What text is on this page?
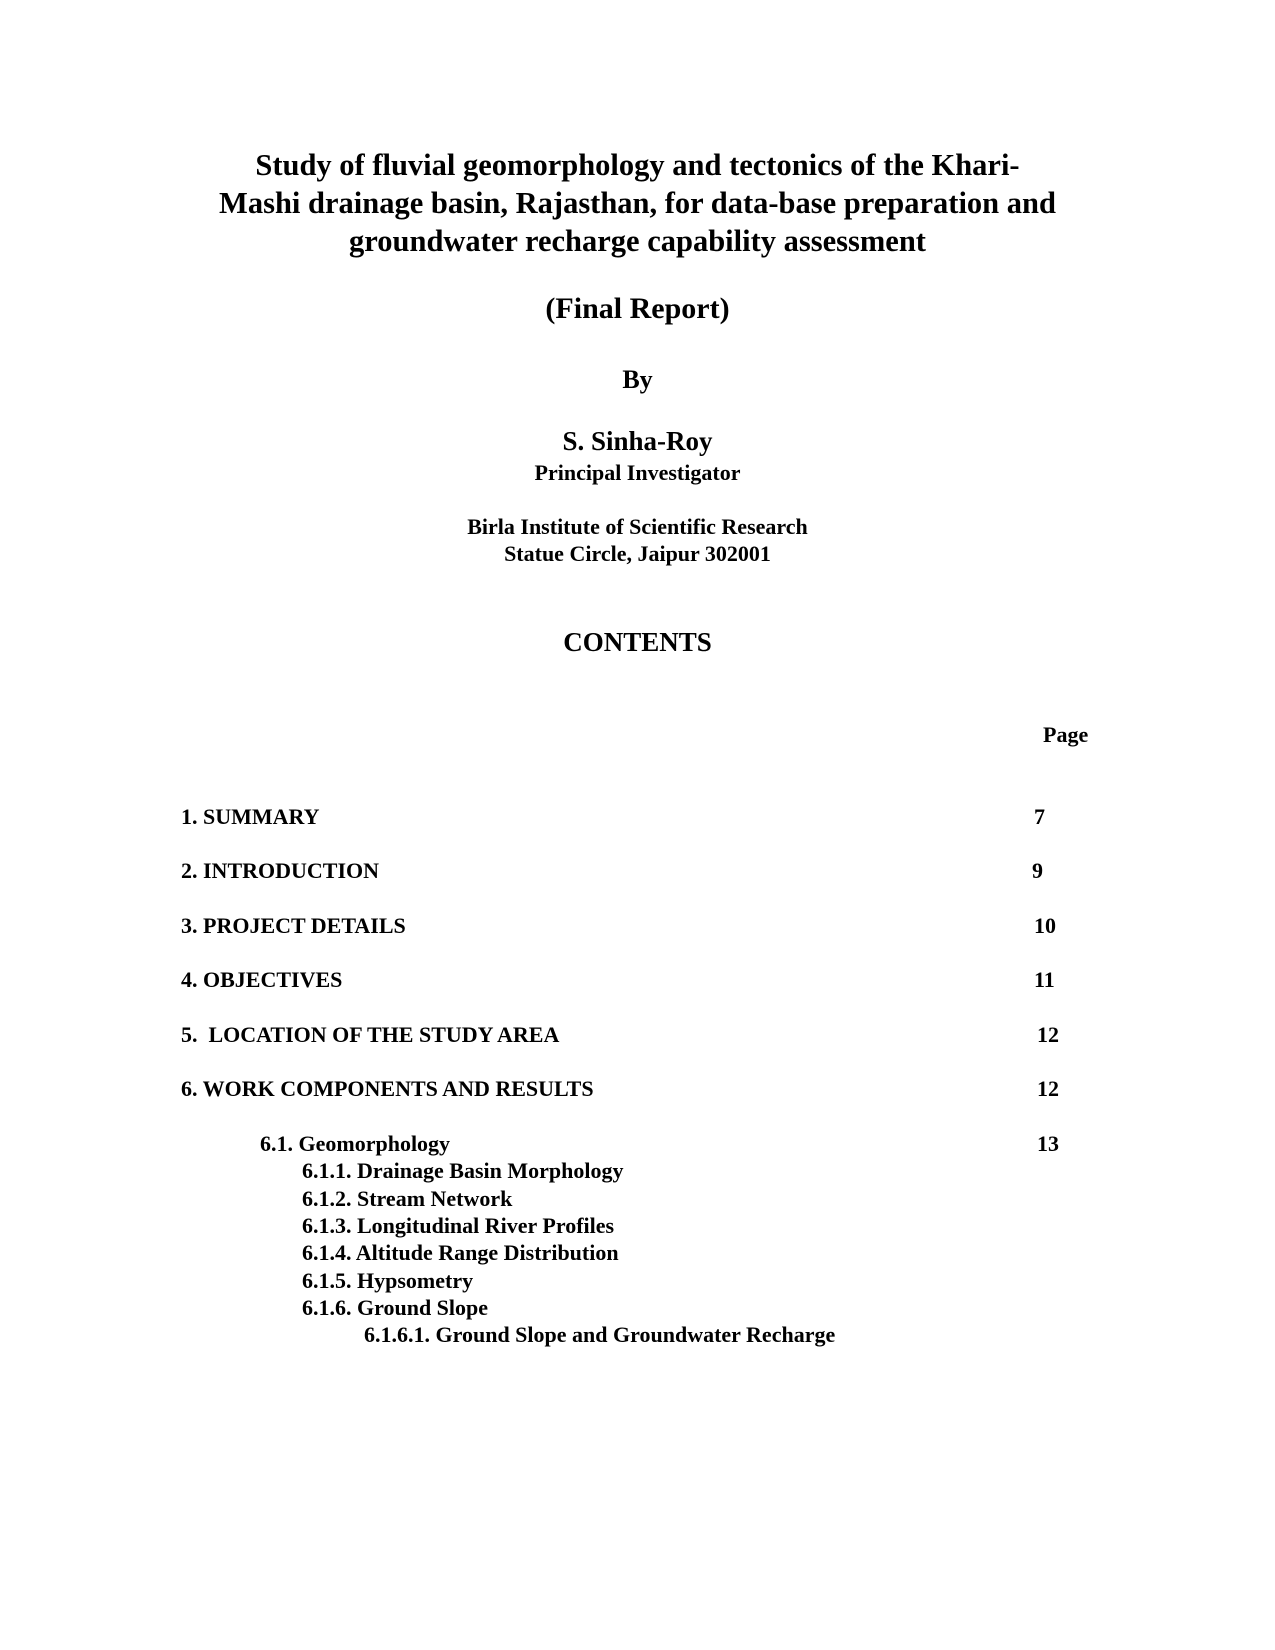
Study of fluvial geomorphology and tectonics of the Khari-
Mashi drainage basin, Rajasthan, for data-base preparation and
groundwater recharge capability assessment
(Final Report)
By
S. Sinha-Roy
Principal Investigator
Birla Institute of Scientific Research
Statue Circle, Jaipur 302001
CONTENTS
Page
1. SUMMARY	7
2. INTRODUCTION	9
3. PROJECT DETAILS	10
4. OBJECTIVES	11
5.  LOCATION OF THE STUDY AREA	12
6. WORK COMPONENTS AND RESULTS	12
6.1. Geomorphology	13
6.1.1. Drainage Basin Morphology
6.1.2. Stream Network
6.1.3. Longitudinal River Profiles
6.1.4. Altitude Range Distribution
6.1.5. Hypsometry
6.1.6. Ground Slope
6.1.6.1. Ground Slope and Groundwater Recharge
